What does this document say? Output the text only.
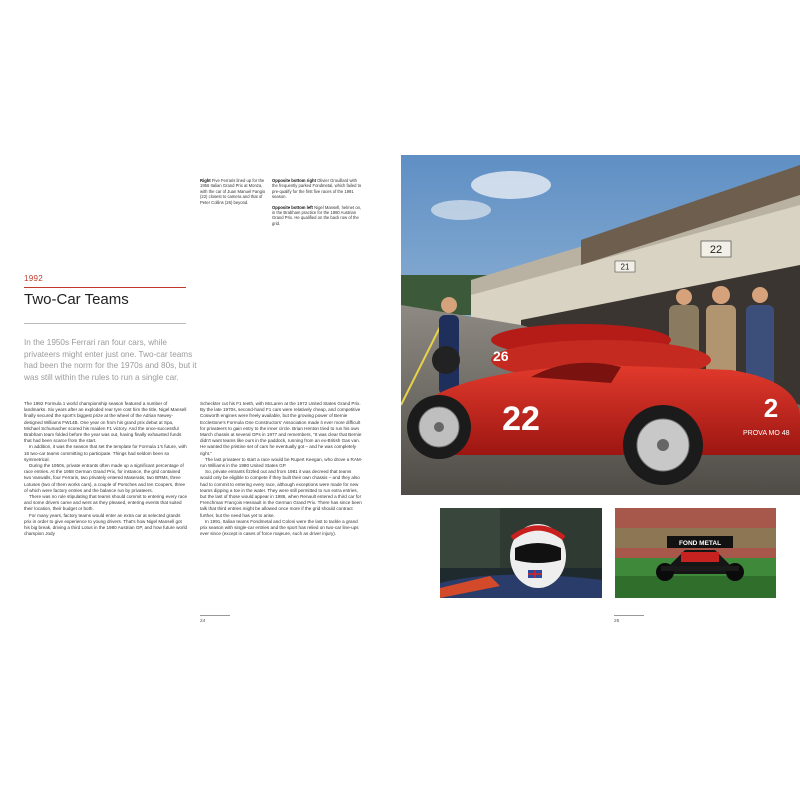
Right Five Ferraris lined up for the 1956 Italian Grand Prix at Monza, with the car of Juan Manuel Fangio (22) closest to camera and that of Peter Collins (26) beyond.

Opposite bottom right Olivier Grouillard with the frequently parked Fondmetal, which failed to pre-qualify for the first five races of the 1991 season.

Opposite bottom left Nigel Mansell, helmet on, in the Brabham practice for the 1980 Austrian Grand Prix. He qualified on the back row of the grid.

1992
Two-Car Teams

In the 1950s Ferrari ran four cars, while privateers might enter just one. Two-car teams had been the norm for the 1970s and 80s, but it was still within the rules to run a single car.

The 1992 Formula 1 world championship season featured a number of landmarks. Six years after an exploded rear tyre cost him the title, Nigel Mansell finally secured the sport's biggest prize at the wheel of the Adrian Newey-designed Williams FW14B. One year on from his grand prix debut at Spa, Michael Schumacher scored his maiden F1 victory. And the once-successful Brabham team folded before the year was out, having finally exhausted funds that had been scarce from the start.

In addition, it was the season that set the template for Formula 1's future, with 16 two-car teams committing to participate. Things had seldom been so symmetrical.

During the 1950s, private entrants often made up a significant percentage of race entries. At the 1958 German Grand Prix, for instance, the grid contained two Vanwalls, four Ferraris, two privately entered Maseratis, two BRMs, three Lotuses (two of them works cars), a couple of Porsches and ten Coopers, three of which were factory entries and the balance run by privateers.

There was no rule stipulating that teams should commit to entering every race and some drivers came and went as they pleased, entering events that suited their location, their budget or both.

For many years, factory teams would enter an extra car at selected grands prix in order to give experience to young drivers. That's how Nigel Mansell got his big break, driving a third Lotus in the 1980 Austrian GP, and how future world champion Jody

Scheckter cut his F1 teeth, with McLaren at the 1972 United States Grand Prix. By the late 1970s, second-hand F1 cars were relatively cheap, and competitive Cosworth engines were freely available, but the growing power of Bernie Ecclestone's Formula One Constructors' Association made it ever more difficult for privateers to gain entry to the inner circle. Brian Henton tried to run his own March chassis at several GPs in 1977 and remembers, "It was clear that Bernie didn't want teams like ours in the paddock, running from an ex-British Gas van. He wanted the pristine set of cars he eventually got – and he was completely right."

The last privateer to start a race would be Rupert Keegan, who drove a RAM-run Williams in the 1980 United States GP.

So, private entrants fizzled out and from 1981 it was decreed that teams would only be eligible to compete if they built their own chassis – and they also had to commit to entering every race, although exceptions were made for new teams dipping a toe in the water. They were still permitted to run extra entries, but the last of those would appear in 1986, when Renault entered a third car for Frenchman François Hesnault in the German Grand Prix. There has since been talk that third entries might be allowed once more if the grid should contract further, but the need has yet to arise.

In 1991, Italian teams Fondmetal and Coloni were the last to tackle a grand prix season with single-car entries and the sport has relied on two-car line-ups ever since (except in cases of force majeure, such as driver injury).

24	25
22
21
26
22	PROVA MO 48
2
FOND METAL
